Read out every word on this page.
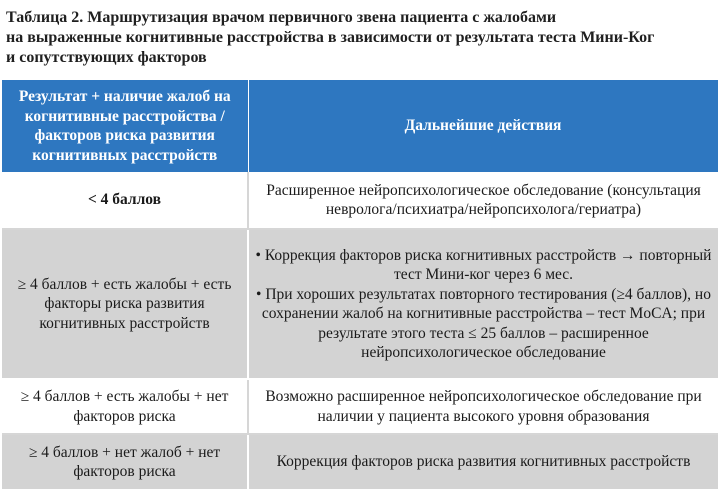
Таблица 2. Маршрутизация врачом первичного звена пациента с жалобами
на выраженные когнитивные расстройства в зависимости от результата теста Мини-Ког
и сопутствующих факторов
Результат + наличие жалоб на когнитивные расстройства / факторов риска развития когнитивных расстройств	Дальнейшие действия
< 4 баллов	Расширенное нейропсихологическое обследование (консультация невролога/психиатра/нейропсихолога/гериатра)
≥ 4 баллов + есть жалобы + есть факторы риска развития когнитивных расстройств	• Коррекция факторов риска когнитивных расстройств → повторный тест Мини-ког через 6 мес.
• При хороших результатах повторного тестирования (≥4 баллов), но сохранении жалоб на когнитивные расстройства – тест MoCA; при результате этого теста ≤ 25 баллов – расширенное нейропсихологическое обследование

≥ 4 баллов + есть жалобы + нет факторов риска	Возможно расширенное нейропсихологическое обследование при наличии у пациента высокого уровня образования
≥ 4 баллов + нет жалоб + нет факторов риска	Коррекция факторов риска развития когнитивных расстройств
